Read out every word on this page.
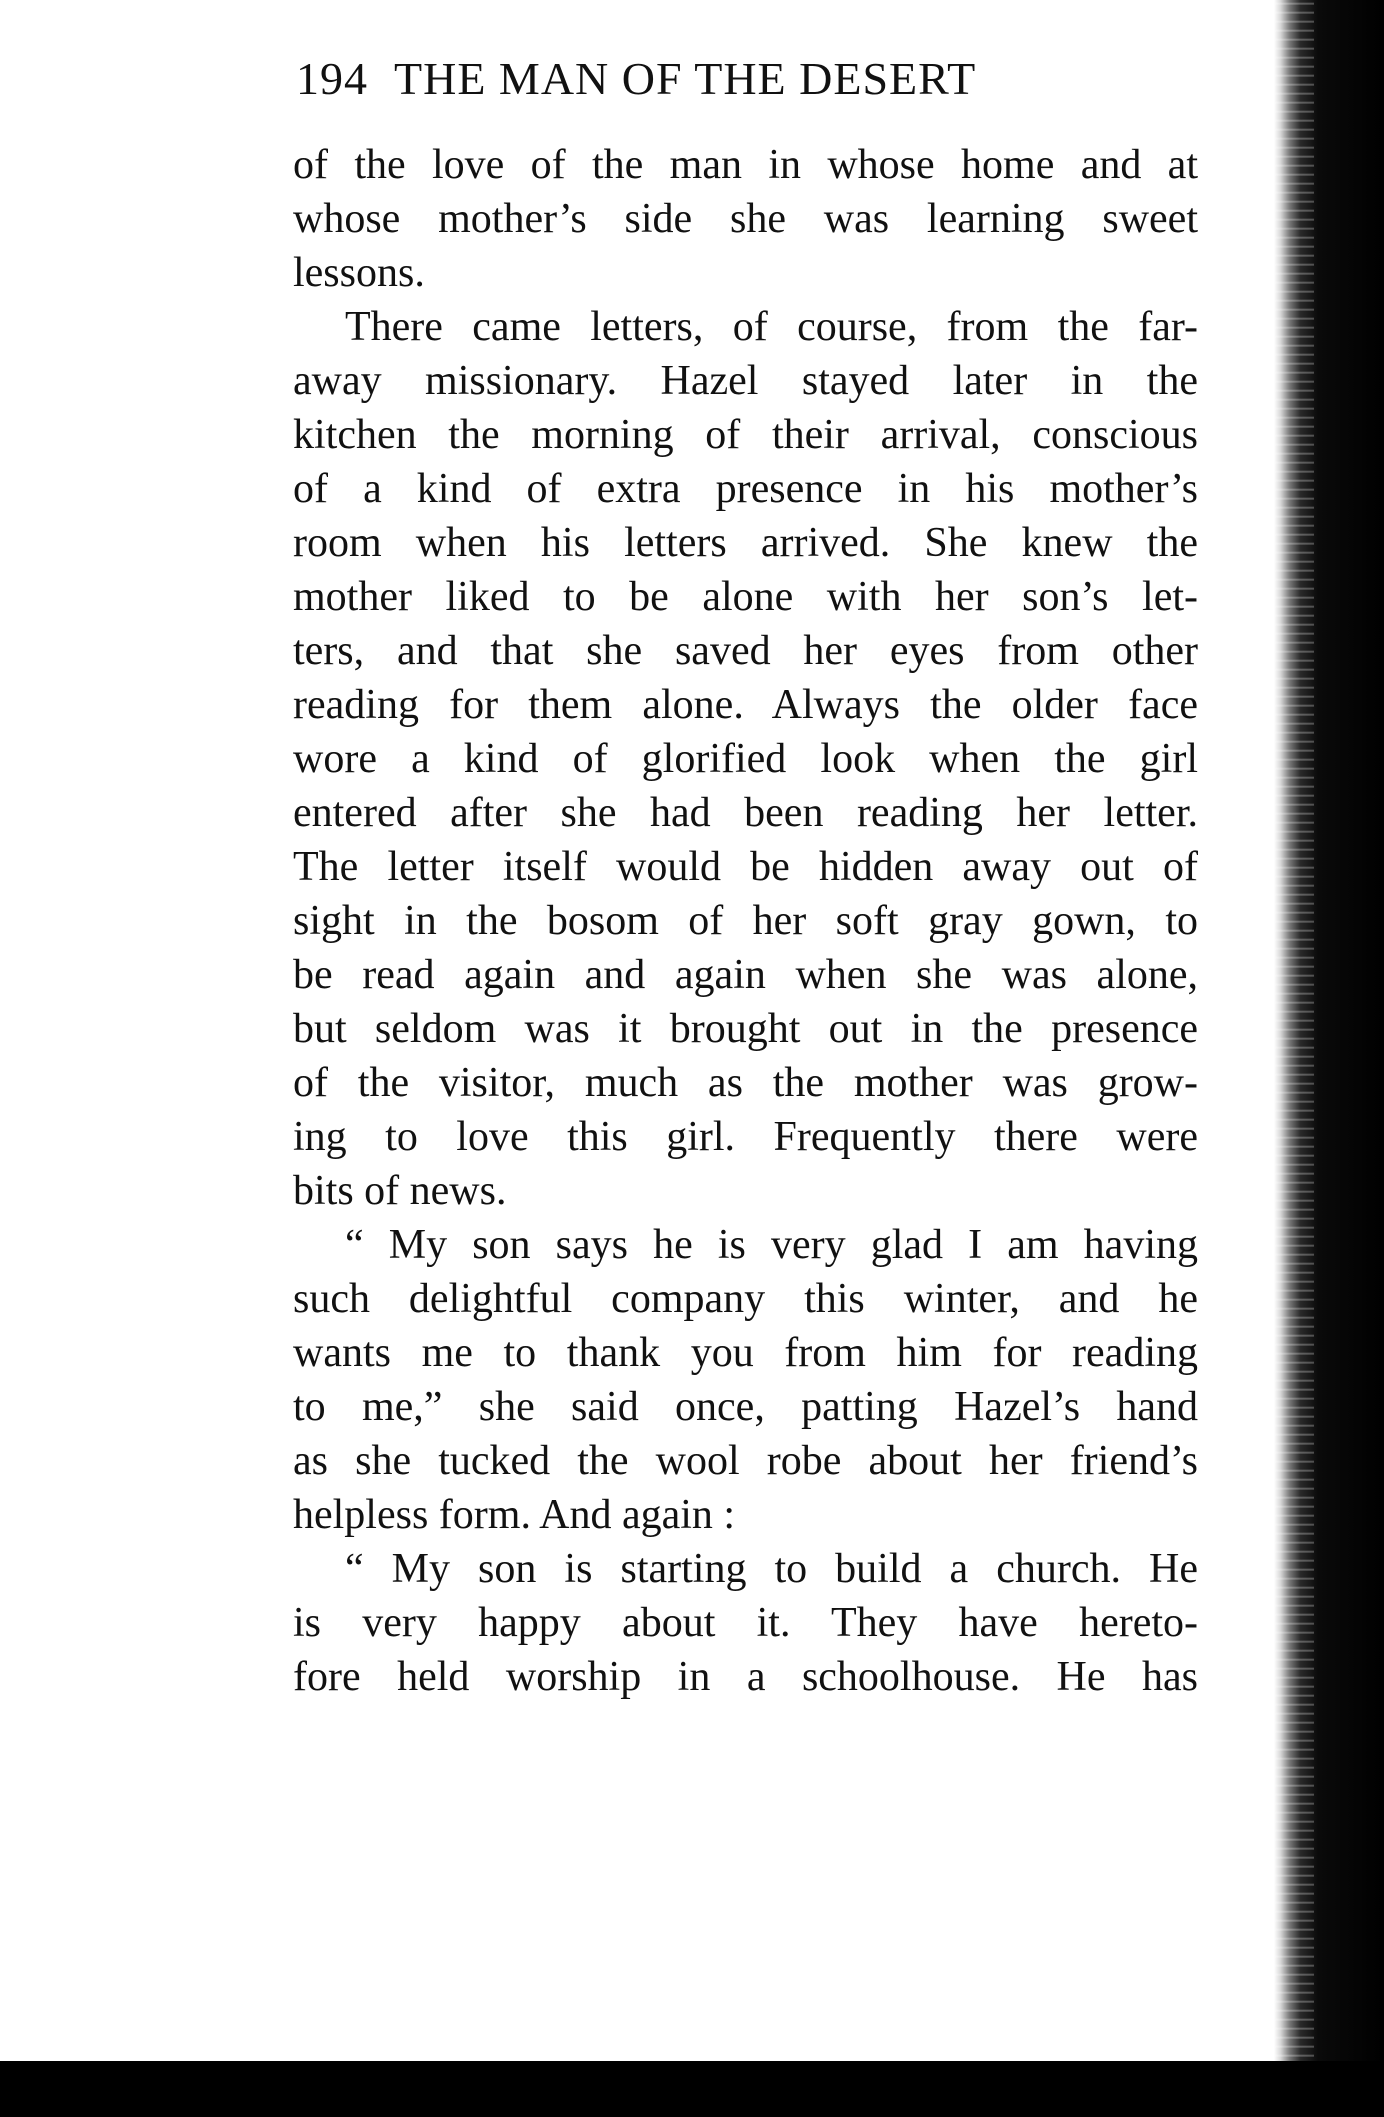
194 THE MAN OF THE DESERT
of the love of the man in whose home and at
whose mother’s side she was learning sweet
lessons.
There came letters, of course, from the far-
away missionary. Hazel stayed later in the
kitchen the morning of their arrival, conscious
of a kind of extra presence in his mother’s
room when his letters arrived. She knew the
mother liked to be alone with her son’s let-
ters, and that she saved her eyes from other
reading for them alone. Always the older face
wore a kind of glorified look when the girl
entered after she had been reading her letter.
The letter itself would be hidden away out of
sight in the bosom of her soft gray gown, to
be read again and again when she was alone,
but seldom was it brought out in the presence
of the visitor, much as the mother was grow-
ing to love this girl. Frequently there were
bits of news.
“ My son says he is very glad I am having
such delightful company this winter, and he
wants me to thank you from him for reading
to me,” she said once, patting Hazel’s hand
as she tucked the wool robe about her friend’s
helpless form. And again :
“ My son is starting to build a church. He
is very happy about it. They have hereto-
fore held worship in a schoolhouse. He has
